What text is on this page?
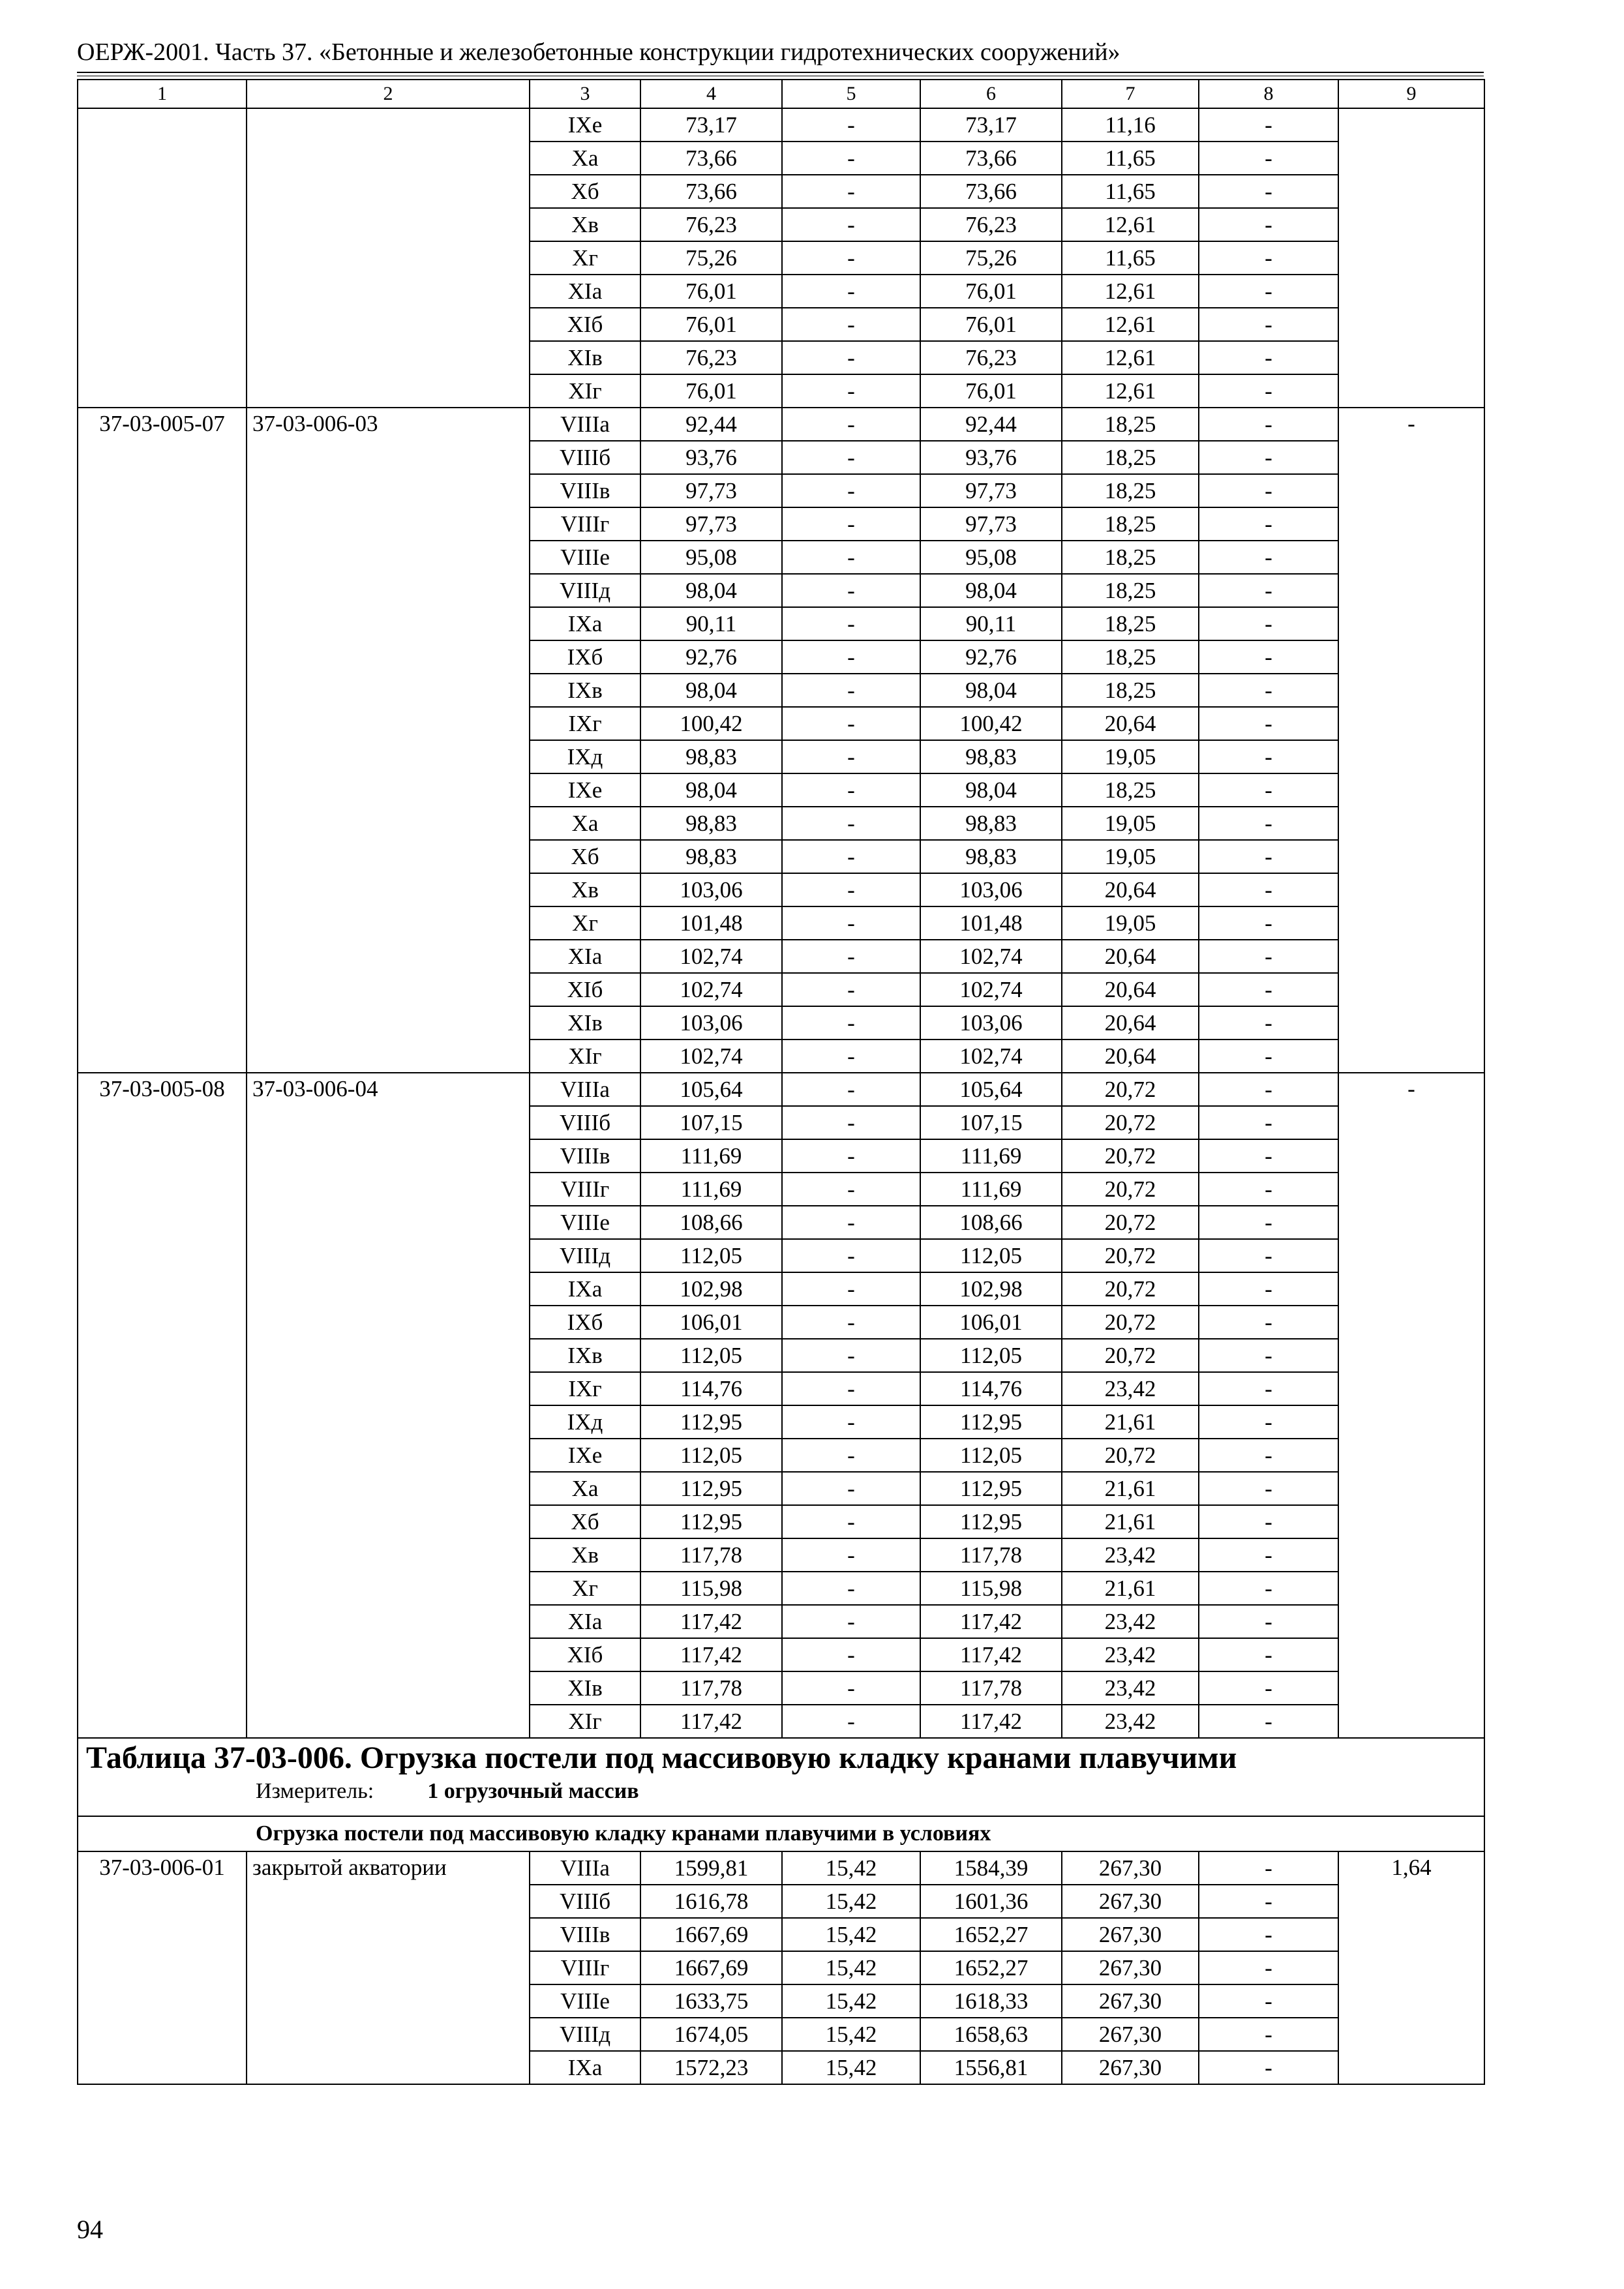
ОЕРЖ-2001. Часть 37. «Бетонные и железобетонные конструкции гидротехнических сооружений»
1	2	3	4	5	6	7	8	9
		IXe	73,17	-	73,17	11,16	-	
		Xa	73,66	-	73,66	11,65	-	
		Xб	73,66	-	73,66	11,65	-	
		Xв	76,23	-	76,23	12,61	-	
		Xг	75,26	-	75,26	11,65	-	
		XIa	76,01	-	76,01	12,61	-	
		XIб	76,01	-	76,01	12,61	-	
		XIв	76,23	-	76,23	12,61	-	
		XIг	76,01	-	76,01	12,61	-	
37-03-005-07	37-03-006-03	VIIIa	92,44	-	92,44	18,25	-	-
		VIIIб	93,76	-	93,76	18,25	-	
		VIIIв	97,73	-	97,73	18,25	-	
		VIIIг	97,73	-	97,73	18,25	-	
		VIIIe	95,08	-	95,08	18,25	-	
		VIIIд	98,04	-	98,04	18,25	-	
		IXa	90,11	-	90,11	18,25	-	
		IXб	92,76	-	92,76	18,25	-	
		IXв	98,04	-	98,04	18,25	-	
		IXг	100,42	-	100,42	20,64	-	
		IXд	98,83	-	98,83	19,05	-	
		IXe	98,04	-	98,04	18,25	-	
		Xa	98,83	-	98,83	19,05	-	
		Xб	98,83	-	98,83	19,05	-	
		Xв	103,06	-	103,06	20,64	-	
		Xг	101,48	-	101,48	19,05	-	
		XIa	102,74	-	102,74	20,64	-	
		XIб	102,74	-	102,74	20,64	-	
		XIв	103,06	-	103,06	20,64	-	
		XIг	102,74	-	102,74	20,64	-	
37-03-005-08	37-03-006-04	VIIIa	105,64	-	105,64	20,72	-	-
		VIIIб	107,15	-	107,15	20,72	-	
		VIIIв	111,69	-	111,69	20,72	-	
		VIIIг	111,69	-	111,69	20,72	-	
		VIIIe	108,66	-	108,66	20,72	-	
		VIIIд	112,05	-	112,05	20,72	-	
		IXa	102,98	-	102,98	20,72	-	
		IXб	106,01	-	106,01	20,72	-	
		IXв	112,05	-	112,05	20,72	-	
		IXг	114,76	-	114,76	23,42	-	
		IXд	112,95	-	112,95	21,61	-	
		IXe	112,05	-	112,05	20,72	-	
		Xa	112,95	-	112,95	21,61	-	
		Xб	112,95	-	112,95	21,61	-	
		Xв	117,78	-	117,78	23,42	-	
		Xг	115,98	-	115,98	21,61	-	
		XIa	117,42	-	117,42	23,42	-	
		XIб	117,42	-	117,42	23,42	-	
		XIв	117,78	-	117,78	23,42	-	
		XIг	117,42	-	117,42	23,42	-	

Таблица 37-03-006. Огрузка постели под массивовую кладку кранами плавучими
Измеритель: 1 огрузочный массив								

Огрузка постели под массивовую кладку кранами плавучими в условиях								
37-03-006-01	закрытой акватории	VIIIa	1599,81	15,42	1584,39	267,30	-	1,64
		VIIIб	1616,78	15,42	1601,36	267,30	-	
		VIIIв	1667,69	15,42	1652,27	267,30	-	
		VIIIг	1667,69	15,42	1652,27	267,30	-	
		VIIIe	1633,75	15,42	1618,33	267,30	-	
		VIIIд	1674,05	15,42	1658,63	267,30	-	
		IXa	1572,23	15,42	1556,81	267,30	-	
94
